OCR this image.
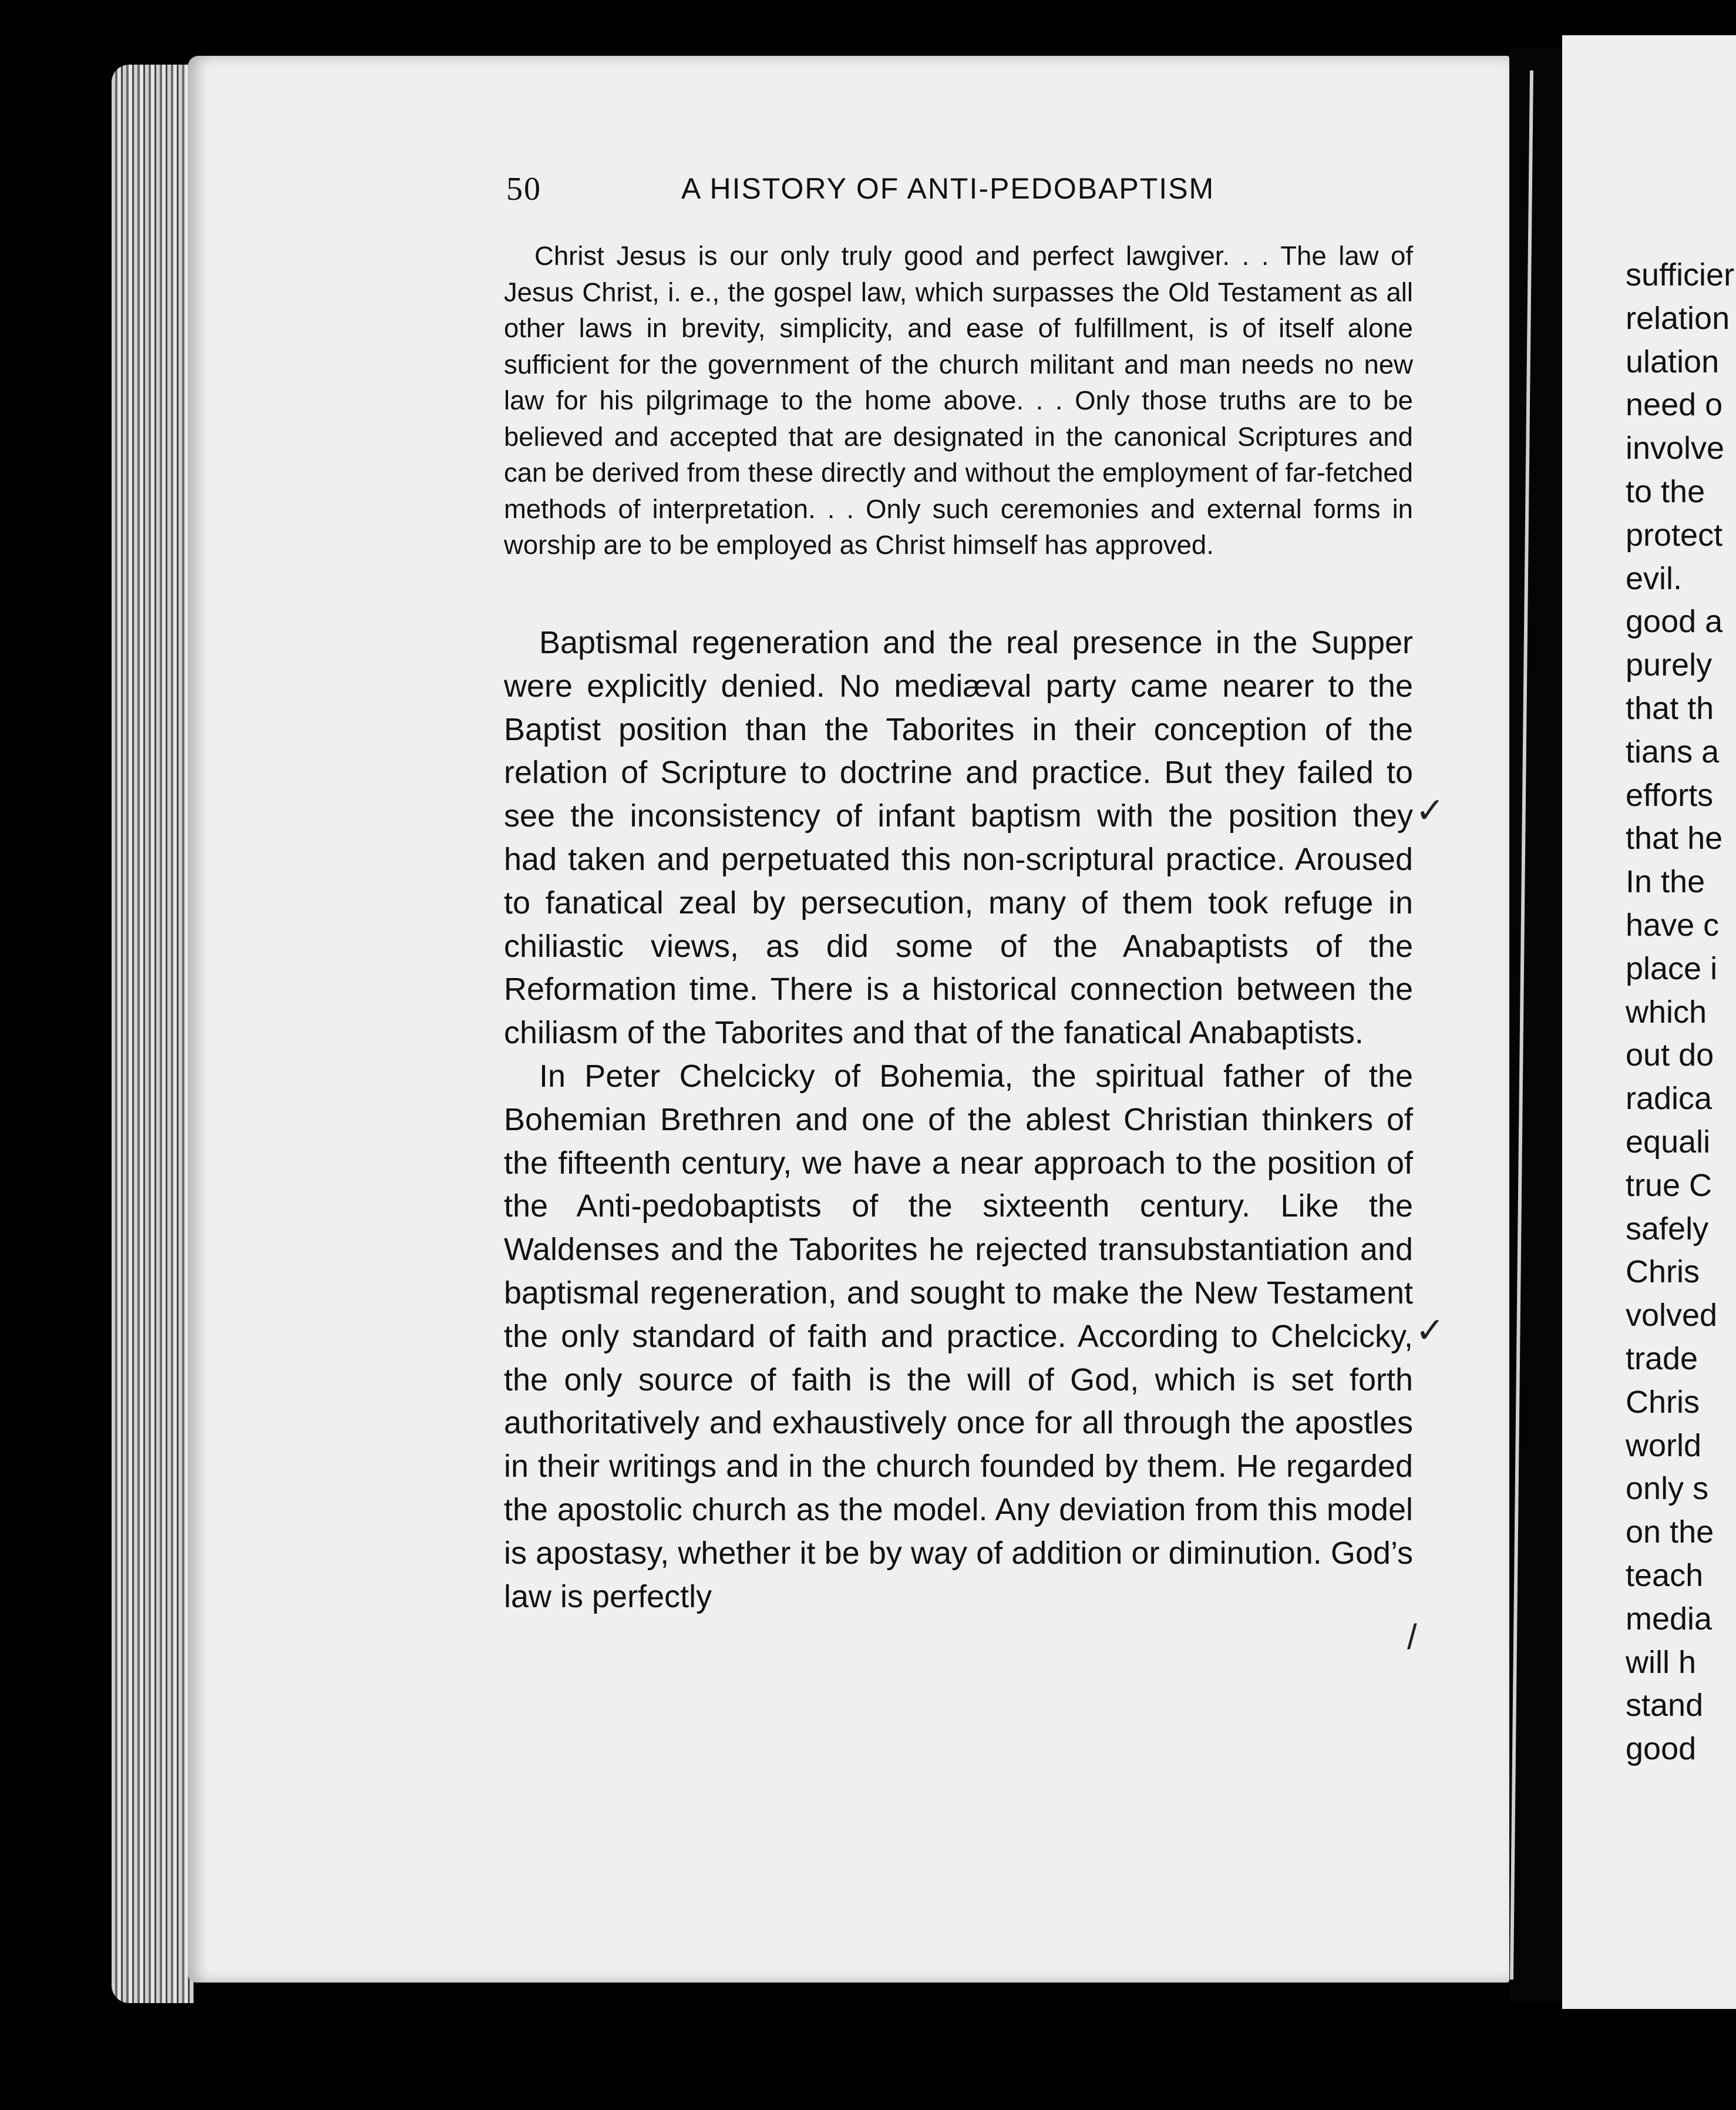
50	A HISTORY OF ANTI-PEDOBAPTISM

Christ Jesus is our only truly good and perfect lawgiver. . . The law of Jesus Christ, i. e., the gospel law, which surpasses the Old Testament as all other laws in brevity, simplicity, and ease of fulfillment, is of itself alone sufficient for the government of the church militant and man needs no new law for his pilgrimage to the home above. . . Only those truths are to be believed and accepted that are designated in the canonical Scriptures and can be derived from these directly and without the employment of far-fetched methods of interpretation. . . Only such ceremonies and external forms in worship are to be employed as Christ himself has approved.

Baptismal regeneration and the real presence in the Supper were explicitly denied. No mediæval party came nearer to the Baptist position than the Taborites in their conception of the relation of Scripture to doctrine and practice. But they failed to see the inconsistency of infant baptism with the position they had taken and perpetuated this non-scriptural practice. Aroused to fanatical zeal by persecution, many of them took refuge in chiliastic views, as did some of the Anabaptists of the Reformation time. There is a historical connection between the chiliasm of the Taborites and that of the fanatical Anabaptists.

In Peter Chelcicky of Bohemia, the spiritual father of the Bohemian Brethren and one of the ablest Christian thinkers of the fifteenth century, we have a near approach to the position of the Anti-pedobaptists of the sixteenth century. Like the Waldenses and the Taborites he rejected transubstantiation and baptismal regeneration, and sought to make the New Testament the only standard of faith and practice. According to Chelcicky, the only source of faith is the will of God, which is set forth authoritatively and exhaustively once for all through the apostles in their writings and in the church founded by them. He regarded the apostolic church as the model. Any deviation from this model is apostasy, whether it be by way of addition or diminution. God’s law is perfectly

sufficier
relation
ulation
need o
involve
to the
protect
evil.
good a
purely
that th
tians a
efforts
that he
In the
have c
place i
which
out do
radica
equali
true C
safely
Chris
volved
trade
Chris
world
only s
on the
teach
media
will h
stand
good
✓
✓
/
